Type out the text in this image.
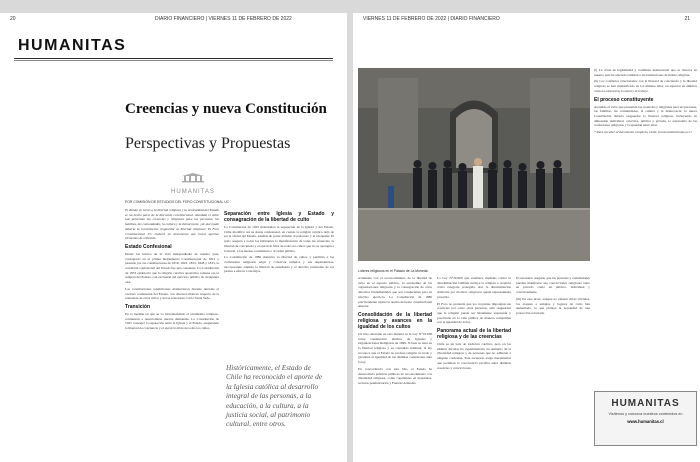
20	DIARIO FINANCIERO | VIERNES 11 DE FEBRERO DE 2022
HUMANITAS
Creencias y nueva Constitución
Perspectivas y Propuestas
HUMANITAS
POR COMISIÓN DE ESTUDIOS DEL FORO CONSTITUCIONAL UC

El debate en torno a la libertad religiosa y la neutralidad del Estado se ha hecho parte de la discusión constitucional. Atendida el valor que presentan las creencias y religiones para las personas, las familias, las comunidades, la cultura y la democracia, ¿de qué modo debería la Constitución resguardar la libertad religiosa? El Foro Constitucional UC elaboró un documento que busca aportar elementos de reflexión.

Estado Confesional

Desde los inicios de la vida independiente de nuestro país, consagrado en el primer Reglamento Constitucional de 1812 y pasando por las constituciones de 1818, 1822, 1823, 1828 y 1833, la condición confesional del Estado fue una constante. La Constitución de 1833 estableció que la religión católica apostólica romana era la religión del Estado, con exclusión del ejercicio público de cualquiera otra.

Las constituciones republicanas mantuvieron durante décadas el carácter confesional del Estado, con diversos matices respecto de la tolerancia de otros cultos y de las relaciones con la Santa Sede.

Transición

En la medida en que se va incrementando el pluralismo religioso, comienzan a desarrollarse nuevas demandas. La Constitución de 1925 consagró la separación entre la Iglesia y el Estado, asegurando la libertad de conciencia y el ejercicio libre de todos los cultos.

Separación entre Iglesia y Estado y consagración de la libertad de culto

La Constitución de 1925 materializó la separación de la Iglesia y del Estado. Chile modificó así su status confesional, en cuanto la religión católica dejó de ser la oficial del Estado, además de poner término al patronato y al exequátur. El texto aseguró a todos los habitantes la manifestación de todas las creencias, la libertad de conciencia y el ejercicio libre de todos los cultos que no se opongan a la moral, a las buenas costumbres o al orden público.

La Constitución de 1980 mantuvo la libertad de cultos y permitió a las confesiones religiosas erigir y conservar templos y sus dependencias, incorporando además la libertad de enseñanza y el derecho preferente de los padres a educar a sus hijos.

Históricamente, el Estado de Chile ha reconocido el aporte de la Iglesia católica al desarrollo integral de las personas, a la educación, a la cultura, a la justicia social, al patrimonio cultural, entre otros.
VIERNES 11 DE FEBRERO DE 2022 | DIARIO FINANCIERO	21
Líderes religiosos en el Palacio de La Moneda.

ectamente con el reconocimiento de la libertad de culto en el espacio público, la autonomía de las organizaciones religiosas y la consagración de otros derechos fundamentales que son conducentes para su efectivo ejercicio. La Constitución de 1980 prácticamente repitió la norma del texto constitucional anterior.

Consolidación de la libertad religiosa y avances en la igualdad de los cultos

Un hito relevante en esta materia es la Ley N°19.638 sobre constitución jurídica de Iglesias y Organizaciones Religiosas de 1999. Si bien se basa en la libertad religiosa y su contenido habitual, la ley reconoce que el Estado no profesa religión ni credo y garantiza la igualdad de las distintas confesiones ante la ley.

En concordancia con este hito, el Estado ha desarrollado políticas públicas de reconocimiento a la diversidad religiosa, como capellanías en hospitales, recintos penitenciarios y Fuerzas Armadas.

La Ley N°20.609 que establece medidas contra la discriminación también incluye la religión o creencia como categoría protegida. Así, la discriminación arbitraria por motivos religiosos queda expresamente proscrita.

El Foro no pretende que los creyentes impongan sus creencias por sobre otras personas, sino resguardar que la religión pueda ser libremente expresada y practicada en la vida pública de manera compatible con la igualdad de todos.

Panorama actual de la libertad religiosa y de las creencias

Chile es un país de tradición católica, pero en las últimas décadas ha experimentado un aumento de la diversidad religiosa y de personas que no adhieren a ninguna confesión. Este escenario exige mecanismos que permitan la convivencia pacífica entre distintas creencias y convicciones.

Es necesario asegurar que las personas y comunidades puedan manifestar sus convicciones religiosas tanto en privado como en público, individual y colectivamente.

(iii) En este nivel, aunque no existen cifras oficiales, los ataques a templos y lugares de culto han aumentado, lo que plantea la necesidad de una protección reforzada.

(i) La crisis de legitimidad y confianza institucional que se observa en nuestro país ha afectado también a las instituciones de índole religiosa.

(ii) Los conflictos relacionados con la libertad de conciencia y la libertad religiosa se han intensificado en los últimos años, en especial en ámbitos como la educación, la salud y el trabajo.

El proceso constituyente

Atendido el valor que presentan las creencias y religiones para las personas, las familias, las comunidades, la cultura y la democracia, la nueva Constitución debería resguardar la libertad religiosa, incluyendo su dimensión individual, colectiva, pública y privada, la autonomía de las confesiones religiosas y la igualdad entre ellas.

* Para acceder al documento completo, visite: forosconstitucional.uc.cl

HUMANITAS
Visítenos y conozca nuestros contenidos en
www.humanitas.cl
